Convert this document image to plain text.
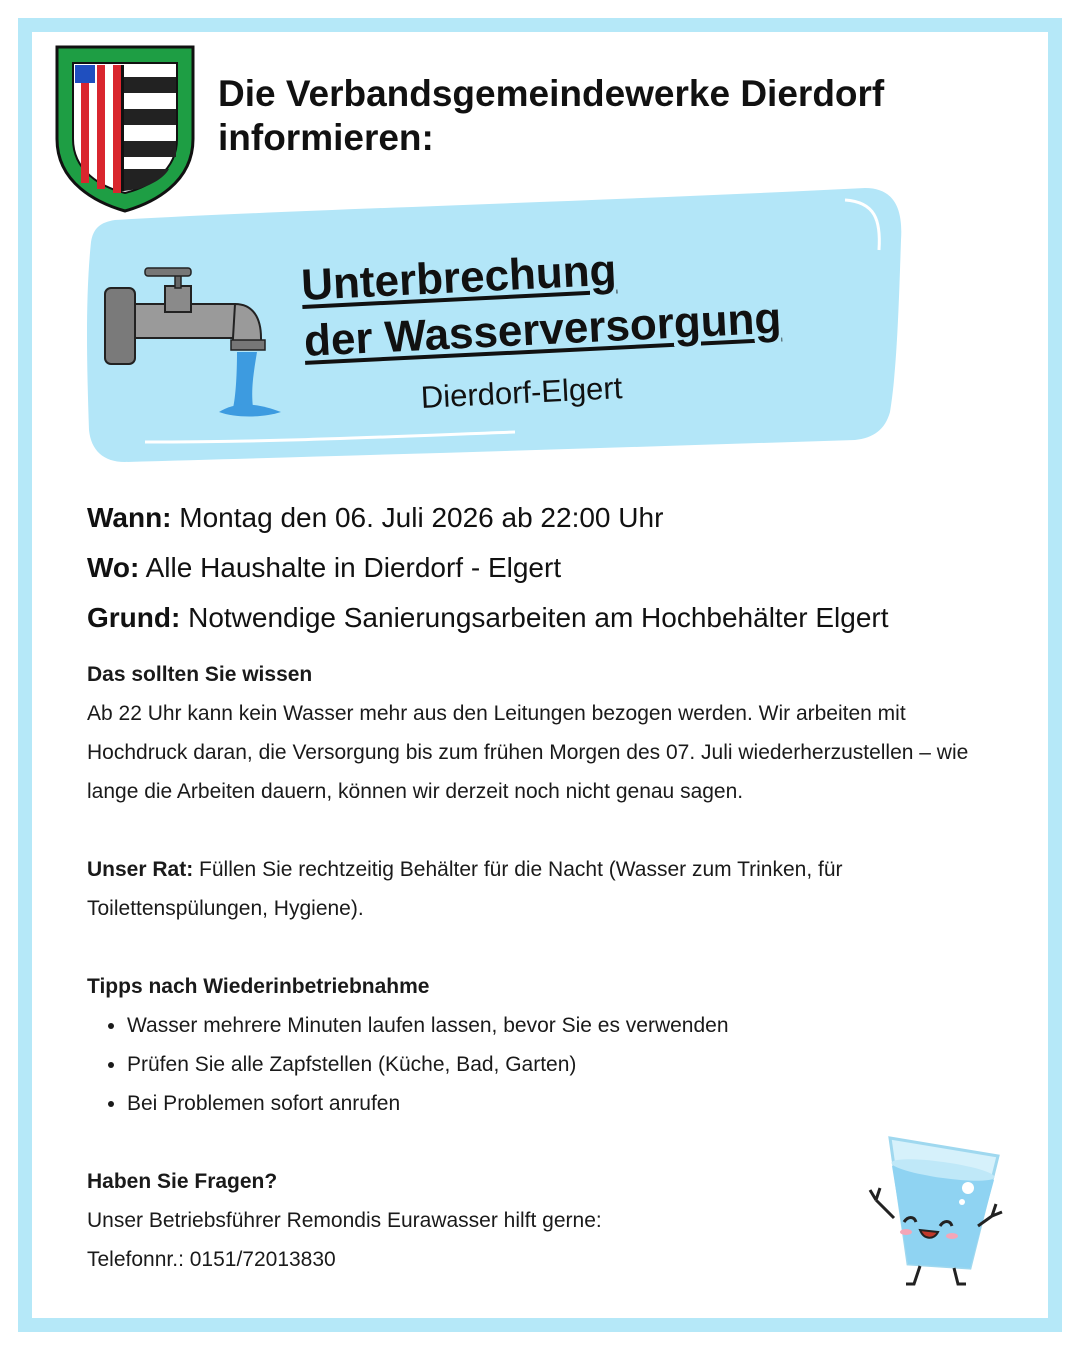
Die Verbandsgemeindewerke Dierdorf
informieren:
Unterbrechung
der Wasserversorgung
Dierdorf-Elgert
Wann: Montag den 06. Juli 2026 ab 22:00 Uhr
Wo: Alle Haushalte in Dierdorf - Elgert
Grund: Notwendige Sanierungsarbeiten am Hochbehälter Elgert
Das sollten Sie wissen

Ab 22 Uhr kann kein Wasser mehr aus den Leitungen bezogen werden. Wir arbeiten mit Hochdruck daran, die Versorgung bis zum frühen Morgen des 07. Juli wiederherzustellen – wie lange die Arbeiten dauern, können wir derzeit noch nicht genau sagen.

Unser Rat: Füllen Sie rechtzeitig Behälter für die Nacht (Wasser zum Trinken, für Toilettenspülungen, Hygiene).

Tipps nach Wiederinbetriebnahme
• Wasser mehrere Minuten laufen lassen, bevor Sie es verwenden
• Prüfen Sie alle Zapfstellen (Küche, Bad, Garten)
• Bei Problemen sofort anrufen
Haben Sie Fragen?
Unser Betriebsführer Remondis Eurawasser hilft gerne:
Telefonnr.: 0151/72013830
